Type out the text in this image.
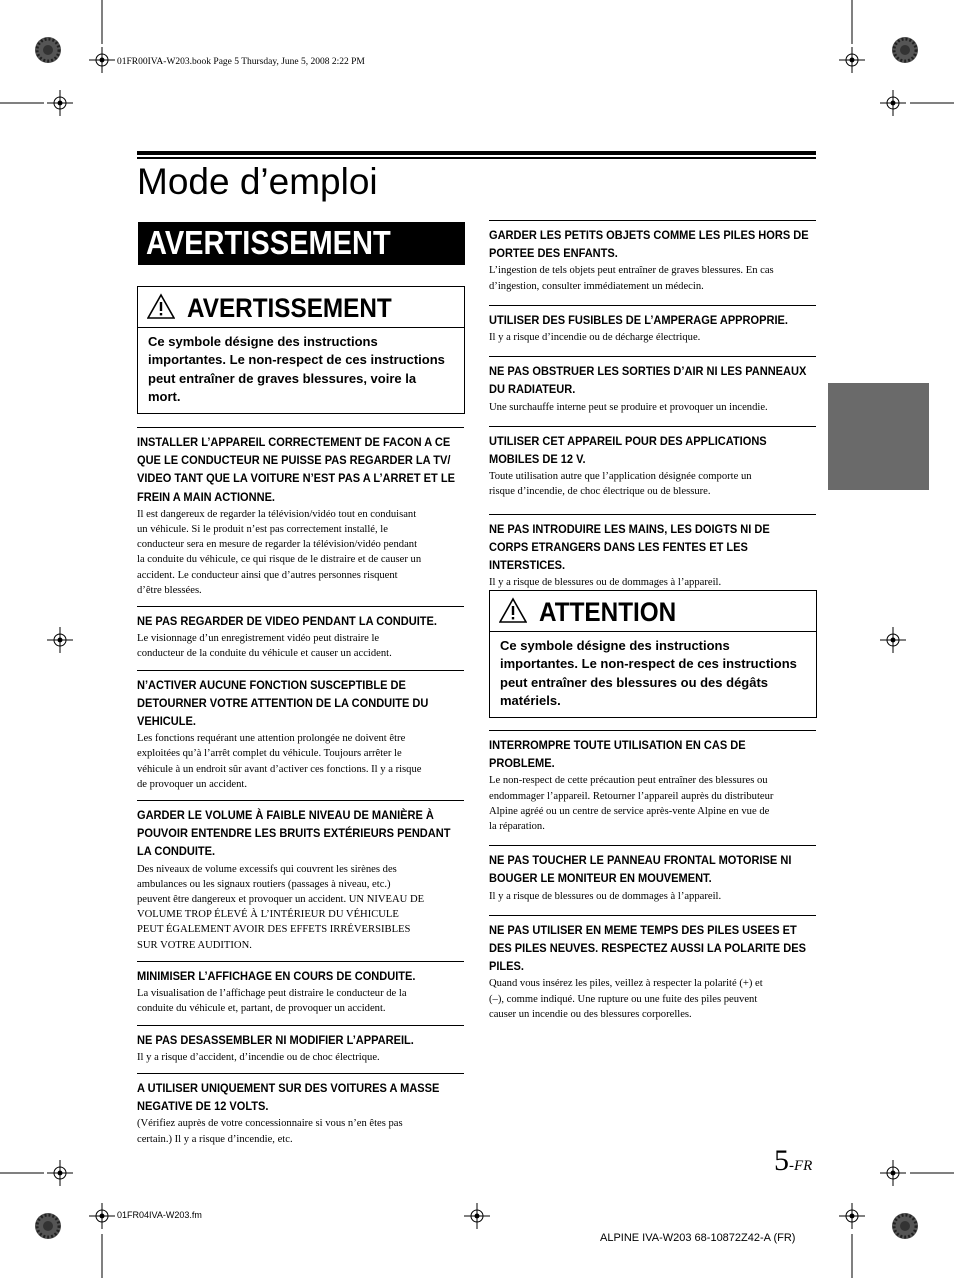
01FR00IVA-W203.book Page 5 Thursday, June 5, 2008 2:22 PM
Mode d’emploi
AVERTISSEMENT
AVERTISSEMENT
Ce symbole désigne des instructions
importantes. Le non-respect de ces instructions
peut entraîner de graves blessures, voire la
mort.
INSTALLER L’APPAREIL CORRECTEMENT DE FACON A CE
QUE LE CONDUCTEUR NE PUISSE PAS REGARDER LA TV/
VIDEO TANT QUE LA VOITURE N’EST PAS A L’ARRET ET LE
FREIN A MAIN ACTIONNE.

Il est dangereux de regarder la télévision/vidéo tout en conduisant
un véhicule. Si le produit n’est pas correctement installé, le
conducteur sera en mesure de regarder la télévision/vidéo pendant
la conduite du véhicule, ce qui risque de le distraire et de causer un
accident. Le conducteur ainsi que d’autres personnes risquent
d’être blessées.

NE PAS REGARDER DE VIDEO PENDANT LA CONDUITE.

Le visionnage d’un enregistrement vidéo peut distraire le
conducteur de la conduite du véhicule et causer un accident.

N’ACTIVER AUCUNE FONCTION SUSCEPTIBLE DE
DETOURNER VOTRE ATTENTION DE LA CONDUITE DU
VEHICULE.

Les fonctions requérant une attention prolongée ne doivent être
exploitées qu’à l’arrêt complet du véhicule. Toujours arrêter le
véhicule à un endroit sûr avant d’activer ces fonctions. Il y a risque
de provoquer un accident.

GARDER LE VOLUME À FAIBLE NIVEAU DE MANIÈRE À
POUVOIR ENTENDRE LES BRUITS EXTÉRIEURS PENDANT
LA CONDUITE.

Des niveaux de volume excessifs qui couvrent les sirènes des
ambulances ou les signaux routiers (passages à niveau, etc.)
peuvent être dangereux et provoquer un accident. UN NIVEAU DE
VOLUME TROP ÉLEVÉ À L’INTÉRIEUR DU VÉHICULE
PEUT ÉGALEMENT AVOIR DES EFFETS IRRÉVERSIBLES
SUR VOTRE AUDITION.

MINIMISER L’AFFICHAGE EN COURS DE CONDUITE.

La visualisation de l’affichage peut distraire le conducteur de la
conduite du véhicule et, partant, de provoquer un accident.

NE PAS DESASSEMBLER NI MODIFIER L’APPAREIL.

Il y a risque d’accident, d’incendie ou de choc électrique.

A UTILISER UNIQUEMENT SUR DES VOITURES A MASSE
NEGATIVE DE 12 VOLTS.

(Vérifiez auprès de votre concessionnaire si vous n’en êtes pas
certain.) Il y a risque d’incendie, etc.

GARDER LES PETITS OBJETS COMME LES PILES HORS DE
PORTEE DES ENFANTS.

L’ingestion de tels objets peut entraîner de graves blessures. En cas
d’ingestion, consulter immédiatement un médecin.

UTILISER DES FUSIBLES DE L’AMPERAGE APPROPRIE.

Il y a risque d’incendie ou de décharge électrique.

NE PAS OBSTRUER LES SORTIES D’AIR NI LES PANNEAUX
DU RADIATEUR.

Une surchauffe interne peut se produire et provoquer un incendie.

UTILISER CET APPAREIL POUR DES APPLICATIONS
MOBILES DE 12 V.

Toute utilisation autre que l’application désignée comporte un
risque d’incendie, de choc électrique ou de blessure.

NE PAS INTRODUIRE LES MAINS, LES DOIGTS NI DE
CORPS ETRANGERS DANS LES FENTES ET LES
INTERSTICES.

Il y a risque de blessures ou de dommages à l’appareil.

ATTENTION
Ce symbole désigne des instructions
importantes. Le non-respect de ces instructions
peut entraîner des blessures ou des dégâts
matériels.
INTERROMPRE TOUTE UTILISATION EN CAS DE
PROBLEME.

Le non-respect de cette précaution peut entraîner des blessures ou
endommager l’appareil. Retourner l’appareil auprès du distributeur
Alpine agréé ou un centre de service après-vente Alpine en vue de
la réparation.

NE PAS TOUCHER LE PANNEAU FRONTAL MOTORISE NI
BOUGER LE MONITEUR EN MOUVEMENT.

Il y a risque de blessures ou de dommages à l’appareil.

NE PAS UTILISER EN MEME TEMPS DES PILES USEES ET
DES PILES NEUVES. RESPECTEZ AUSSI LA POLARITE DES
PILES.

Quand vous insérez les piles, veillez à respecter la polarité (+) et
(–), comme indiqué. Une rupture ou une fuite des piles peuvent
causer un incendie ou des blessures corporelles.

5-FR
01FR04IVA-W203.fm
ALPINE IVA-W203 68-10872Z42-A (FR)
